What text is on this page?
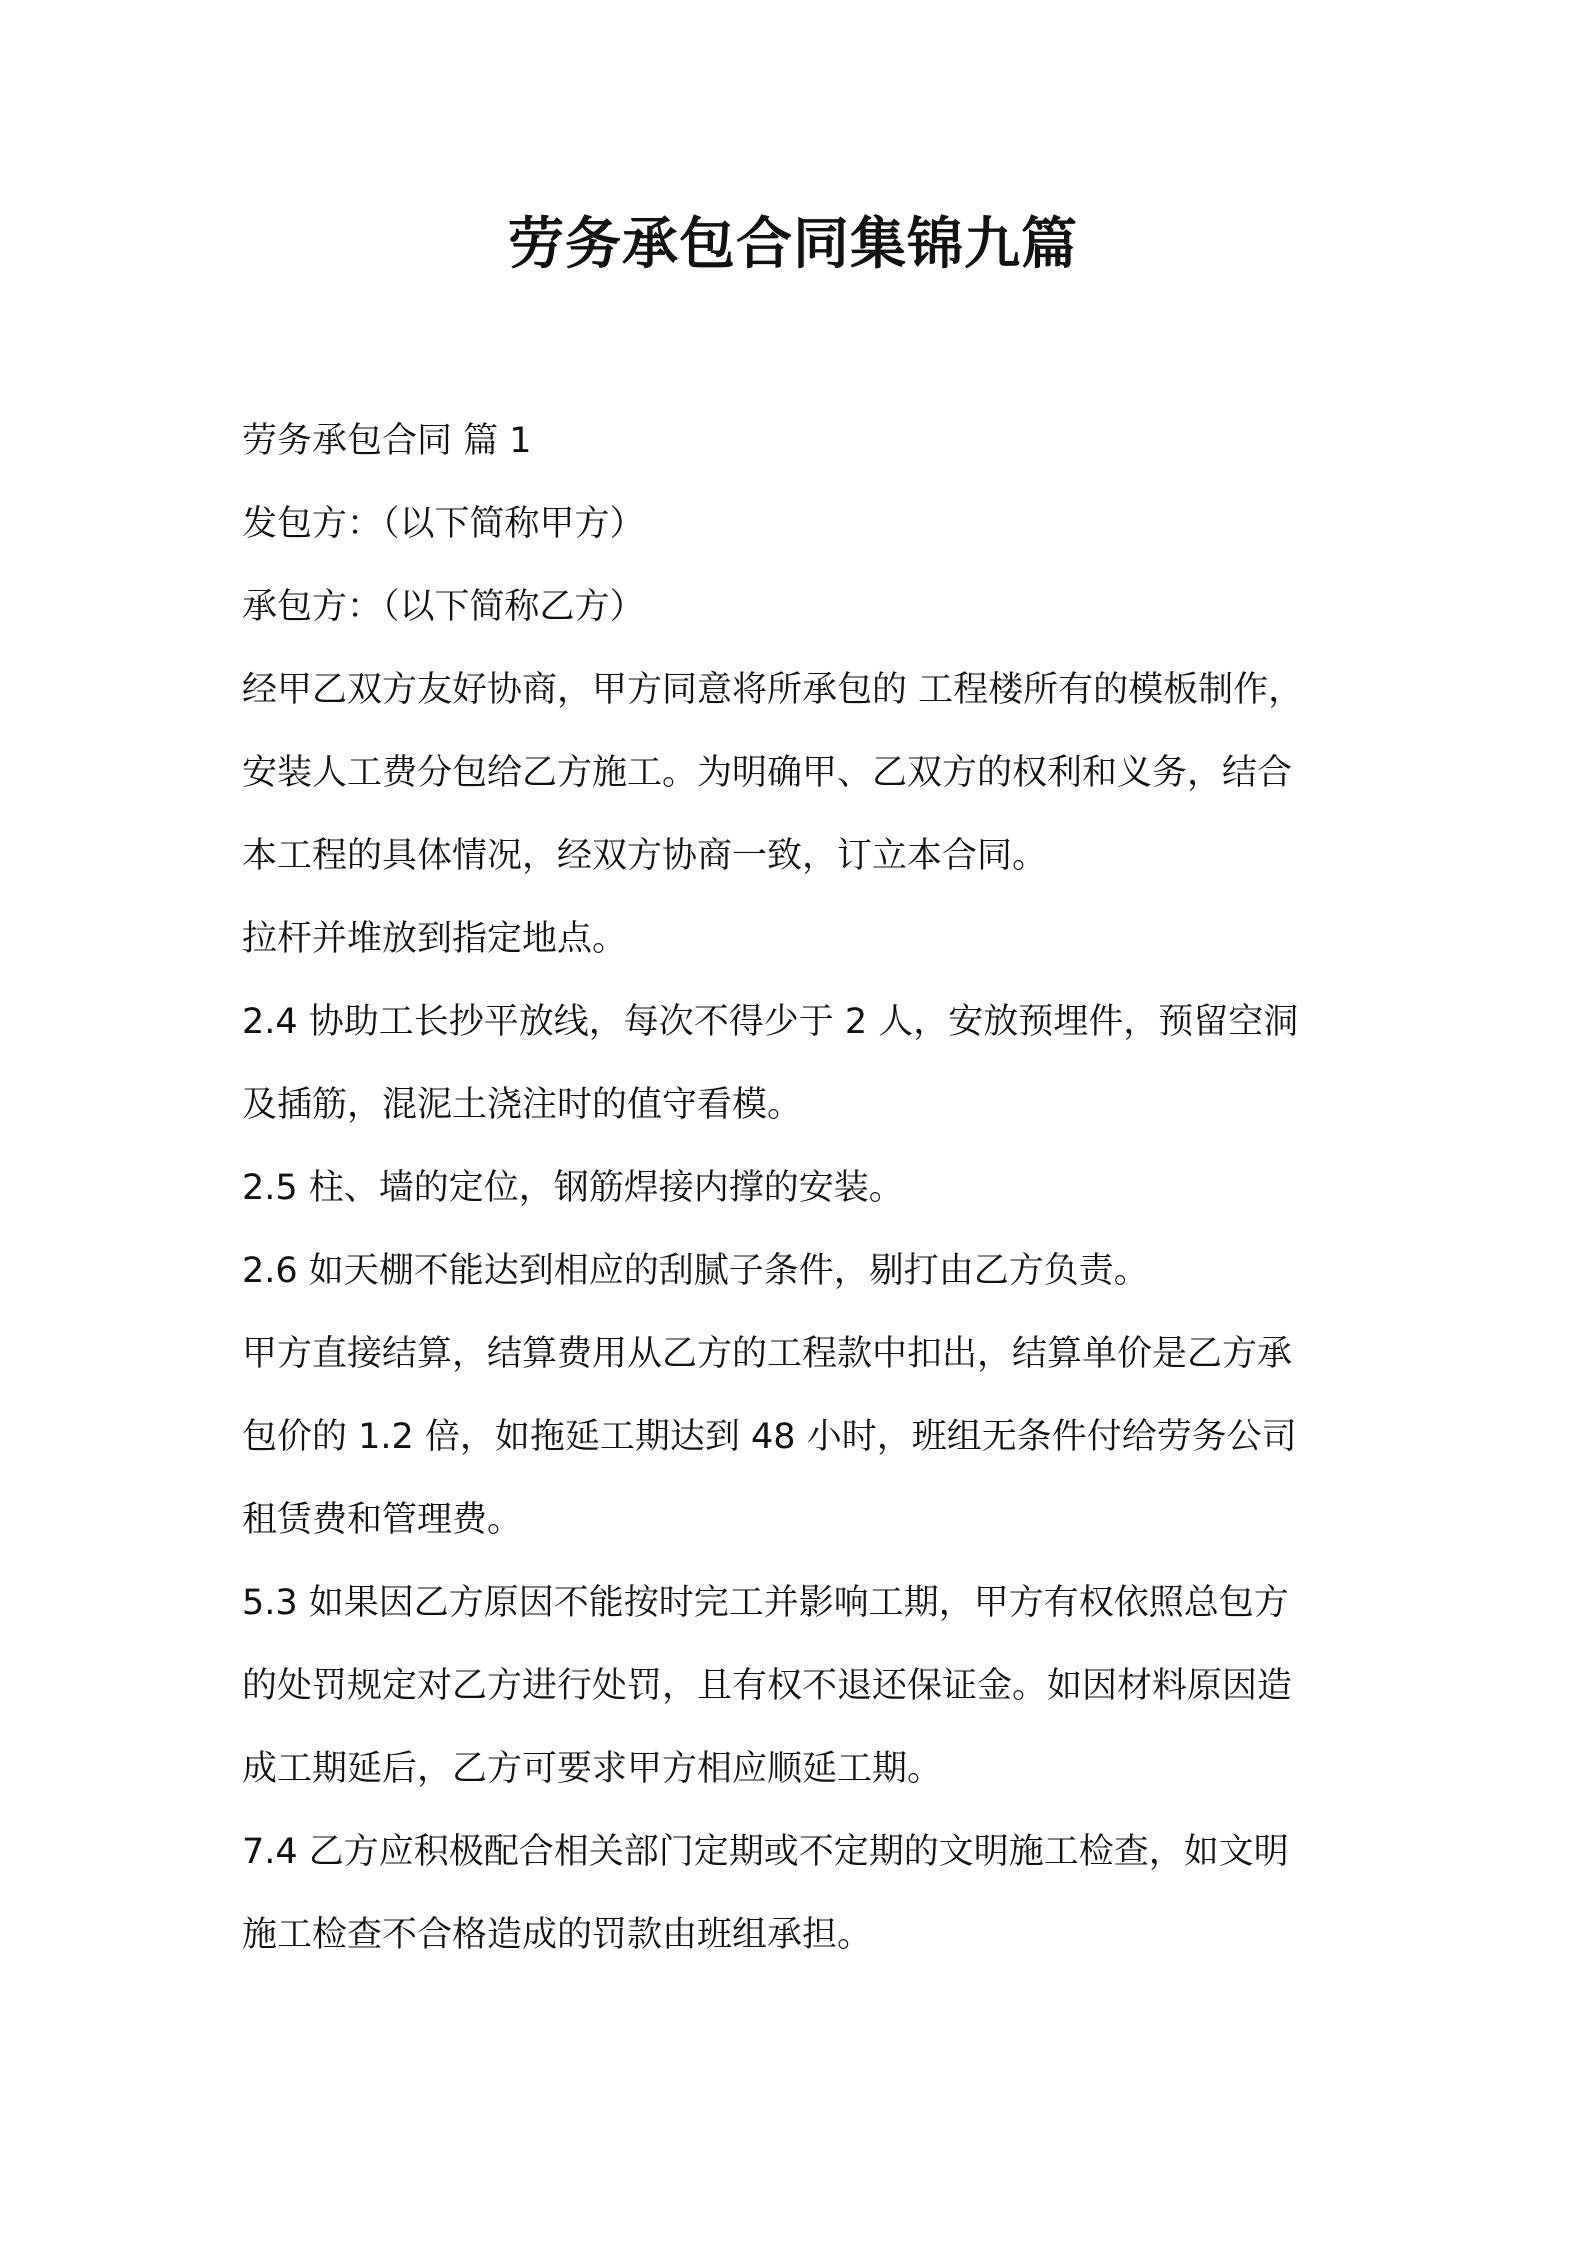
劳务承包合同集锦九篇

劳务承包合同 篇 1

发包方：（以下简称甲方）

承包方：（以下简称乙方）

经甲乙双方友好协商，甲方同意将所承包的 工程楼所有的模板制作，

安装人工费分包给乙方施工。为明确甲、乙双方的权利和义务，结合

本工程的具体情况，经双方协商一致，订立本合同。

拉杆并堆放到指定地点。

2.4 协助工长抄平放线，每次不得少于 2 人，安放预埋件，预留空洞

及插筋，混泥土浇注时的值守看模。

2.5 柱、墙的定位，钢筋焊接内撑的安装。

2.6 如天棚不能达到相应的刮腻子条件，剔打由乙方负责。

甲方直接结算，结算费用从乙方的工程款中扣出，结算单价是乙方承

包价的 1.2 倍，如拖延工期达到 48 小时，班组无条件付给劳务公司

租赁费和管理费。

5.3 如果因乙方原因不能按时完工并影响工期，甲方有权依照总包方

的处罚规定对乙方进行处罚，且有权不退还保证金。如因材料原因造

成工期延后，乙方可要求甲方相应顺延工期。

7.4 乙方应积极配合相关部门定期或不定期的文明施工检查，如文明

施工检查不合格造成的罚款由班组承担。
